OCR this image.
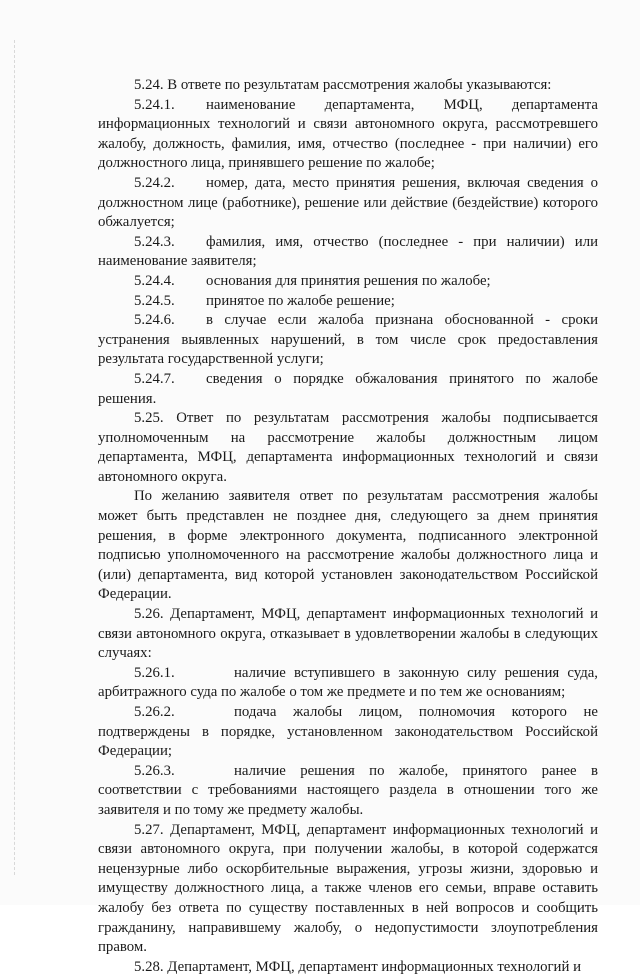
5.24. В ответе по результатам рассмотрения жалобы указываются:

5.24.1. наименование департамента, МФЦ, департамента информационных технологий и связи автономного округа, рассмотревшего жалобу, должность, фамилия, имя, отчество (последнее - при наличии) его должностного лица, принявшего решение по жалобе;

5.24.2. номер, дата, место принятия решения, включая сведения о должностном лице (работнике), решение или действие (бездействие) которого обжалуется;

5.24.3. фамилия, имя, отчество (последнее - при наличии) или наименование заявителя;

5.24.4. основания для принятия решения по жалобе;

5.24.5. принятое по жалобе решение;

5.24.6. в случае если жалоба признана обоснованной - сроки устранения выявленных нарушений, в том числе срок предоставления результата государственной услуги;

5.24.7. сведения о порядке обжалования принятого по жалобе решения.

5.25. Ответ по результатам рассмотрения жалобы подписывается уполномоченным на рассмотрение жалобы должностным лицом департамента, МФЦ, департамента информационных технологий и связи автономного округа.

По желанию заявителя ответ по результатам рассмотрения жалобы может быть представлен не позднее дня, следующего за днем принятия решения, в форме электронного документа, подписанного электронной подписью уполномоченного на рассмотрение жалобы должностного лица и (или) департамента, вид которой установлен законодательством Российской Федерации.

5.26. Департамент, МФЦ, департамент информационных технологий и связи автономного округа, отказывает в удовлетворении жалобы в следующих случаях:

5.26.1.	наличие вступившего в законную силу решения суда, арбитражного суда по жалобе о том же предмете и по тем же основаниям;

5.26.2.	подача жалобы лицом, полномочия которого не подтверждены в порядке, установленном законодательством Российской Федерации;

5.26.3.	наличие решения по жалобе, принятого ранее в соответствии с требованиями настоящего раздела в отношении того же заявителя и по тому же предмету жалобы.

5.27. Департамент, МФЦ, департамент информационных технологий и связи автономного округа, при получении жалобы, в которой содержатся нецензурные либо оскорбительные выражения, угрозы жизни, здоровью и имуществу должностного лица, а также членов его семьи, вправе оставить жалобу без ответа по существу поставленных в ней вопросов и сообщить гражданину, направившему жалобу, о недопустимости злоупотребления правом.

5.28. Департамент, МФЦ, департамент информационных технологий и
